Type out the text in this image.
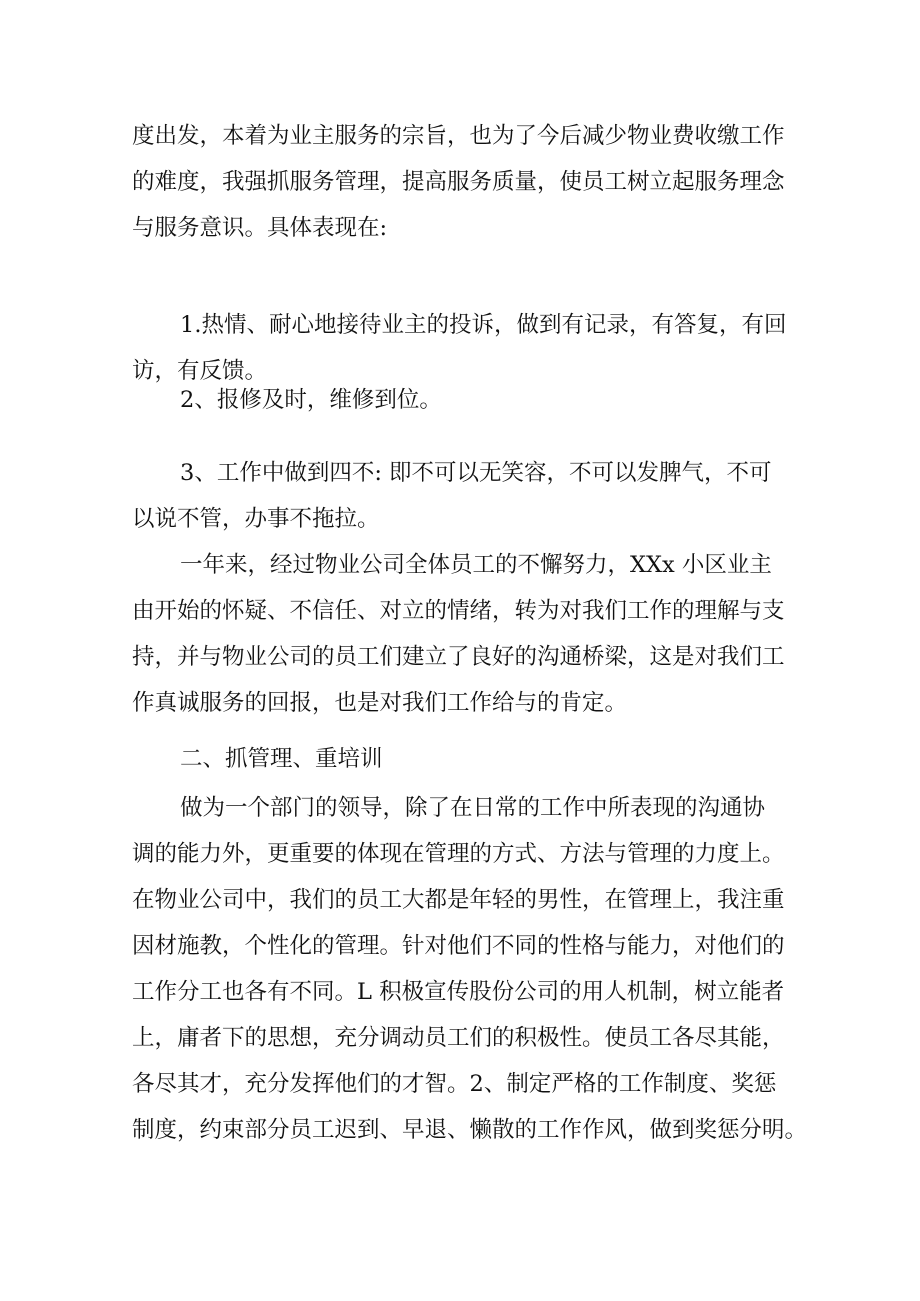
度出发，本着为业主服务的宗旨，也为了今后减少物业费收缴工作
的难度，我强抓服务管理，提高服务质量，使员工树立起服务理念
与服务意识。具体表现在:
1.热情、耐心地接待业主的投诉，做到有记录，有答复，有回
访，有反馈。
2、报修及时，维修到位。
3、工作中做到四不: 即不可以无笑容，不可以发脾气，不可
以说不管，办事不拖拉。
一年来，经过物业公司全体员工的不懈努力，XXx 小区业主
由开始的怀疑、不信任、对立的情绪，转为对我们工作的理解与支
持，并与物业公司的员工们建立了良好的沟通桥梁，这是对我们工
作真诚服务的回报，也是对我们工作给与的肯定。
二、抓管理、重培训
做为一个部门的领导，除了在日常的工作中所表现的沟通协
调的能力外，更重要的体现在管理的方式、方法与管理的力度上。
在物业公司中，我们的员工大都是年轻的男性，在管理上，我注重
因材施教，个性化的管理。针对他们不同的性格与能力，对他们的
工作分工也各有不同。L 积极宣传股份公司的用人机制，树立能者
上，庸者下的思想，充分调动员工们的积极性。使员工各尽其能，
各尽其才，充分发挥他们的才智。2、制定严格的工作制度、奖惩
制度，约束部分员工迟到、早退、懒散的工作作风，做到奖惩分明。
